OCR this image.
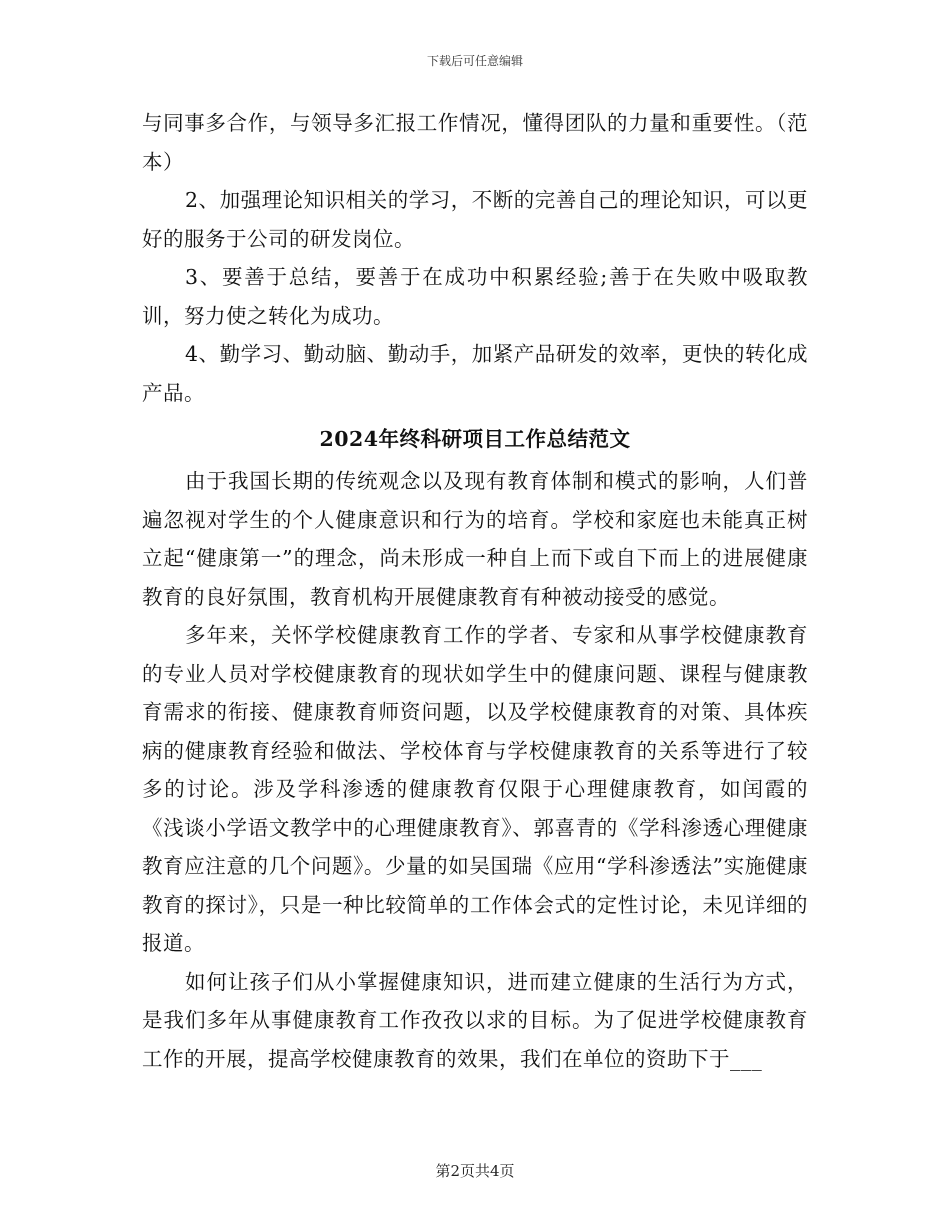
下载后可任意编辑

与同事多合作，与领导多汇报工作情况，懂得团队的力量和重要性。（范本）

2、加强理论知识相关的学习，不断的完善自己的理论知识，可以更好的服务于公司的研发岗位。

3、要善于总结，要善于在成功中积累经验;善于在失败中吸取教训，努力使之转化为成功。

4、勤学习、勤动脑、勤动手，加紧产品研发的效率，更快的转化成产品。

2024年终科研项目工作总结范文

由于我国长期的传统观念以及现有教育体制和模式的影响，人们普遍忽视对学生的个人健康意识和行为的培育。学校和家庭也未能真正树立起“健康第一”的理念，尚未形成一种自上而下或自下而上的进展健康教育的良好氛围，教育机构开展健康教育有种被动接受的感觉。

多年来，关怀学校健康教育工作的学者、专家和从事学校健康教育的专业人员对学校健康教育的现状如学生中的健康问题、课程与健康教育需求的衔接、健康教育师资问题，以及学校健康教育的对策、具体疾病的健康教育经验和做法、学校体育与学校健康教育的关系等进行了较多的讨论。涉及学科渗透的健康教育仅限于心理健康教育，如闰霞的《浅谈小学语文教学中的心理健康教育》、郭喜青的《学科渗透心理健康教育应注意的几个问题》。少量的如吴国瑞《应用“学科渗透法”实施健康教育的探讨》，只是一种比较简单的工作体会式的定性讨论，未见详细的报道。

如何让孩子们从小掌握健康知识，进而建立健康的生活行为方式，是我们多年从事健康教育工作孜孜以求的目标。为了促进学校健康教育工作的开展，提高学校健康教育的效果，我们在单位的资助下于___

第2页共4页
